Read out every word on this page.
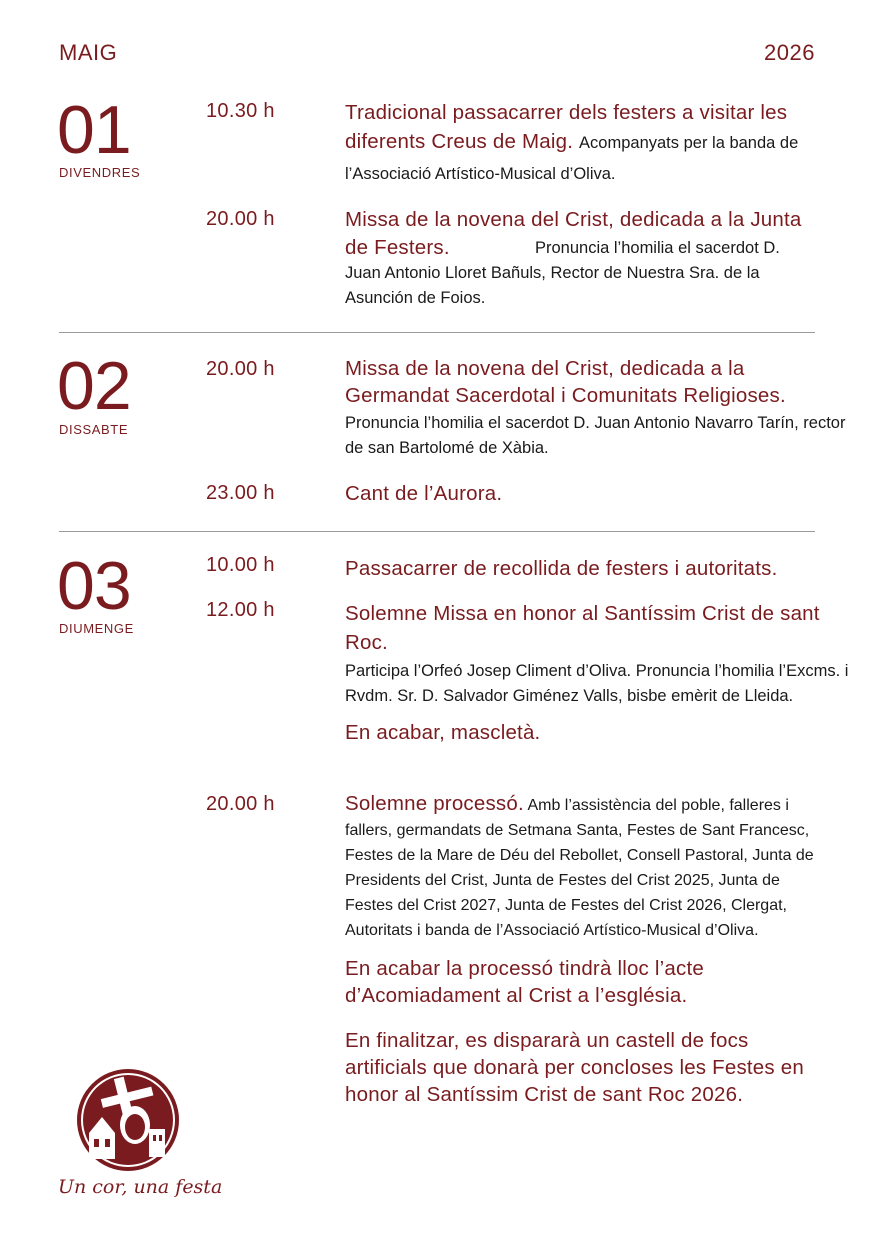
MAIG	2026
01
DIVENDRES
10.30 h	Tradicional passacarrer dels festers a visitar les diferents Creus de Maig. Acompanyats per la banda de l’Associació Artístico-Musical d’Oliva.
20.00 h	Missa de la novena del Crist, dedicada a la Junta de Festers.	Pronuncia l’homilia el sacerdot D. Juan Antonio Lloret Bañuls, Rector de Nuestra Sra. de la Asunción de Foios.
02
DISSABTE
20.00 h	Missa de la novena del Crist, dedicada a la Germandat Sacerdotal i Comunitats Religioses.
Pronuncia l’homilia el sacerdot D. Juan Antonio Navarro Tarín, rector de san Bartolomé de Xàbia.
23.00 h	Cant de l’Aurora.
03
DIUMENGE
10.00 h	Passacarrer de recollida de festers i autoritats.
12.00 h	Solemne Missa en honor al Santíssim Crist de sant Roc.
Participa l’Orfeó Josep Climent d’Oliva. Pronuncia l’homilia l’Excms. i Rvdm. Sr. D. Salvador Giménez Valls, bisbe emèrit de Lleida.
En acabar, mascletà.
20.00 h	Solemne processó. Amb l’assistència del poble, falleres i fallers, germandats de Setmana Santa, Festes de Sant Francesc, Festes de la Mare de Déu del Rebollet, Consell Pastoral, Junta de Presidents del Crist, Junta de Festes del Crist 2025, Junta de Festes del Crist 2027, Junta de Festes del Crist 2026, Clergat, Autoritats i banda de l’Associació Artístico-Musical d’Oliva.
En acabar la processó tindrà lloc l’acte d’Acomiadament al Crist a l’església.
En finalitzar, es dispararà un castell de focs artificials que donarà per concloses les Festes en honor al Santíssim Crist de sant Roc 2026.
Un cor, una festa
